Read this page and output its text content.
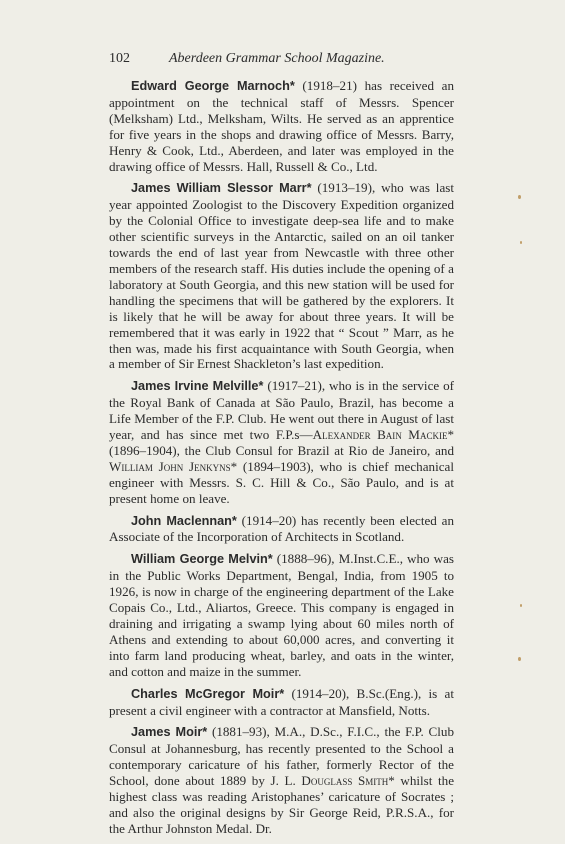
102	Aberdeen Grammar School Magazine.

Edward George Marnoch* (1918–21) has received an appointment on the technical staff of Messrs. Spencer (Melksham) Ltd., Melksham, Wilts. He served as an apprentice for five years in the shops and drawing office of Messrs. Barry, Henry & Cook, Ltd., Aberdeen, and later was employed in the drawing office of Messrs. Hall, Russell & Co., Ltd.

James William Slessor Marr* (1913–19), who was last year appointed Zoologist to the Discovery Expedition organized by the Colonial Office to investigate deep-sea life and to make other scientific surveys in the Antarctic, sailed on an oil tanker towards the end of last year from Newcastle with three other members of the research staff. His duties include the opening of a laboratory at South Georgia, and this new station will be used for handling the specimens that will be gathered by the explorers. It is likely that he will be away for about three years. It will be remembered that it was early in 1922 that “ Scout ” Marr, as he then was, made his first acquaintance with South Georgia, when a member of Sir Ernest Shackleton’s last expedition.

James Irvine Melville* (1917–21), who is in the service of the Royal Bank of Canada at São Paulo, Brazil, has become a Life Member of the F.P. Club. He went out there in August of last year, and has since met two F.P.s—Alexander Bain Mackie* (1896–1904), the Club Consul for Brazil at Rio de Janeiro, and William John Jenkyns* (1894–1903), who is chief mechanical engineer with Messrs. S. C. Hill & Co., São Paulo, and is at present home on leave.

John Maclennan* (1914–20) has recently been elected an Associate of the Incorporation of Architects in Scotland.

William George Melvin* (1888–96), M.Inst.C.E., who was in the Public Works Department, Bengal, India, from 1905 to 1926, is now in charge of the engineering department of the Lake Copais Co., Ltd., Aliartos, Greece. This company is engaged in draining and irrigating a swamp lying about 60 miles north of Athens and extending to about 60,000 acres, and converting it into farm land producing wheat, barley, and oats in the winter, and cotton and maize in the summer.

Charles McGregor Moir* (1914–20), B.Sc.(Eng.), is at present a civil engineer with a contractor at Mansfield, Notts.

James Moir* (1881–93), M.A., D.Sc., F.I.C., the F.P. Club Consul at Johannesburg, has recently presented to the School a contemporary caricature of his father, formerly Rector of the School, done about 1889 by J. L. Douglass Smith* whilst the highest class was reading Aristophanes’ caricature of Socrates ; and also the original designs by Sir George Reid, P.R.S.A., for the Arthur Johnston Medal. Dr.
